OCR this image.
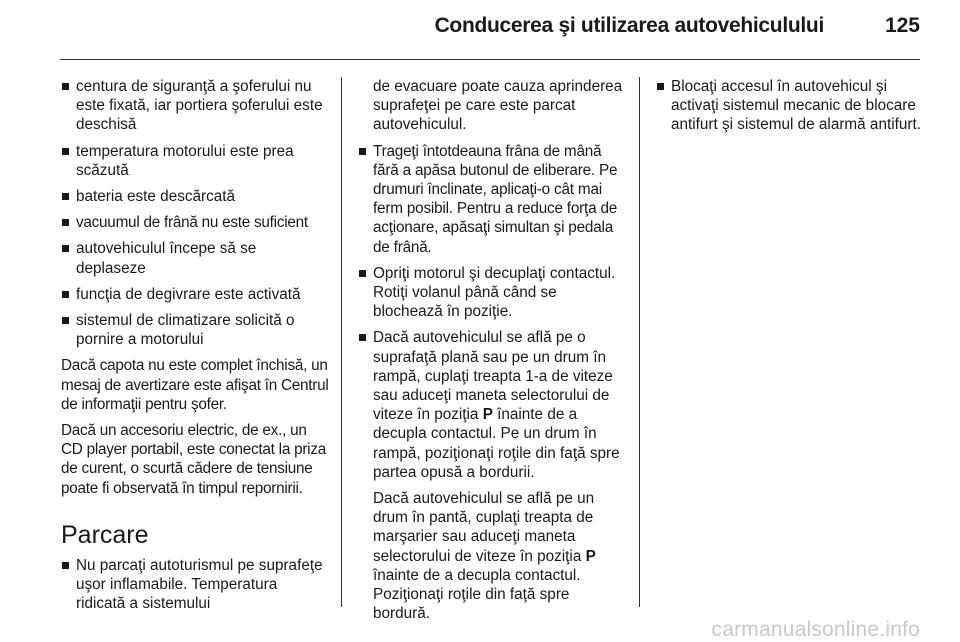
Conducerea şi utilizarea autovehiculului	125
centura de siguranţă a şoferului nu este fixată, iar portiera şoferului este deschisă
temperatura motorului este prea scăzută
bateria este descărcată
vacuumul de frână nu este suficient
autovehiculul începe să se deplaseze
funcţia de degivrare este activată
sistemul de climatizare solicită o pornire a motorului

Dacă capota nu este complet închisă, un mesaj de avertizare este afişat în Centrul de informaţii pentru şofer.

Dacă un accesoriu electric, de ex., un CD player portabil, este conectat la priza de curent, o scurtă cădere de tensiune poate fi observată în timpul repornirii.

Parcare
Nu parcaţi autoturismul pe suprafeţe uşor inflamabile. Temperatura ridicată a sistemului

de evacuare poate cauza aprinderea suprafeţei pe care este parcat autovehiculul.

Trageţi întotdeauna frâna de mână fără a apăsa butonul de eliberare. Pe drumuri înclinate, aplicaţi-o cât mai ferm posibil. Pentru a reduce forţa de acţionare, apăsaţi simultan şi pedala de frână.
Opriţi motorul şi decuplaţi contactul. Rotiţi volanul până când se blochează în poziţie.
Dacă autovehiculul se află pe o suprafaţă plană sau pe un drum în rampă, cuplaţi treapta 1-a de viteze sau aduceţi maneta selectorului de viteze în poziţia P înainte de a decupla contactul. Pe un drum în rampă, poziţionaţi roţile din faţă spre partea opusă a bordurii.

Dacă autovehiculul se află pe un drum în pantă, cuplaţi treapta de marşarier sau aduceţi maneta selectorului de viteze în poziţia P înainte de a decupla contactul. Poziţionaţi roţile din faţă spre bordură.

Blocaţi accesul în autovehicul şi activaţi sistemul mecanic de blocare antifurt şi sistemul de alarmă antifurt.
carmanualsonline.info
